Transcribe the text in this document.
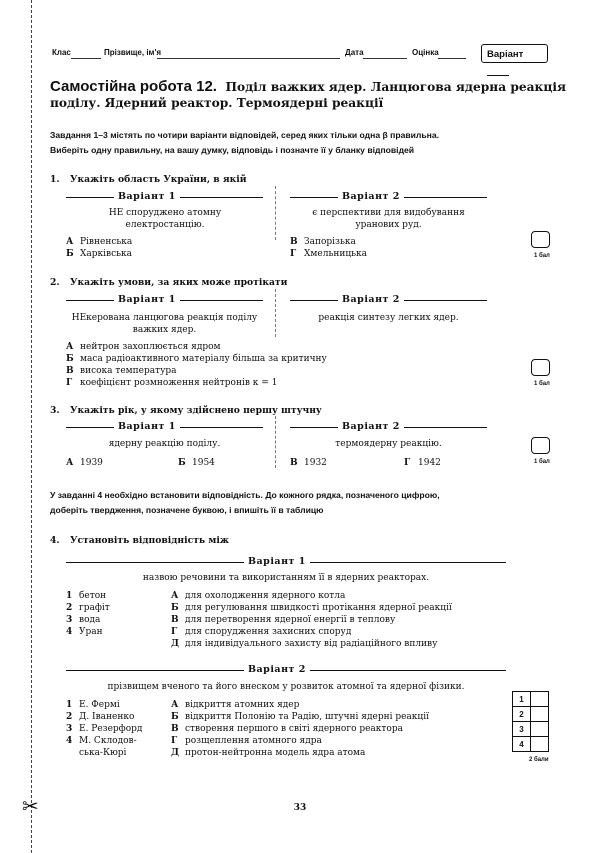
✂
Клас	Прізвище, ім'я	Дата	Оцінка	Варіант
Самостійна робота 12. Поділ важких ядер. Ланцюгова ядерна реакція поділу. Ядерний реактор. Термоядерні реакції
Завдання 1–3 містять по чотири варіанти відповідей, серед яких тільки одна β правильна.
Виберіть одну правильну, на вашу думку, відповідь і позначте її у бланку відповідей
1. Укажіть область України, в якій
Варіант 1	Варіант 2
НЕ споруджено атомну електростанцію.
є перспективи для видобування уранових руд.
А Рівненська
Б Харківська
В Запорізька
Г Хмельницька	1 бал
2. Укажіть умови, за яких може протікати
Варіант 1	Варіант 2
НЕкерована ланцюгова реакція поділу важких ядер.
реакція синтезу легких ядер.
А нейтрон захоплюється ядром
Б маса радіоактивного матеріалу більша за критичну
В висока температура
Г коефіцієнт розмноження нейтронів κ = 1	1 бал
3. Укажіть рік, у якому здійснено першу штучну
Варіант 1	Варіант 2
ядерну реакцію поділу.	термоядерну реакцію.
А 1939	Б 1954	В 1932	Г 1942	1 бал
У завданні 4 необхідно встановити відповідність. До кожного рядка, позначеного цифрою,
доберіть твердження, позначене буквою, і впишіть її в таблицю
4. Установіть відповідність між
Варіант 1
назвою речовини та використанням її в ядерних реакторах.
1 бетон	А для охолодження ядерного котла
2 графіт	Б для регулювання швидкості протікання ядерної реакції
3 вода	В для перетворення ядерної енергії в теплову
4 Уран	Г для спорудження захисних споруд
Д для індивідуального захисту від радіаційного впливу
Варіант 2
прізвищем вченого та його внеском у розвиток атомної та ядерної фізики.
1 Е. Фермі	А відкриття атомних ядер
2 Д. Іваненко	Б відкриття Полонію та Радію, штучні ядерні реакції
3 Е. Резерфорд	В створення першого в світі ядерного реактора
4 М. Склодов-	Г розщеплення атомного ядра
ська-Кюрі	Д протон-нейтронна модель ядра атома
1	
2	
3	
4	
2 бали
33
